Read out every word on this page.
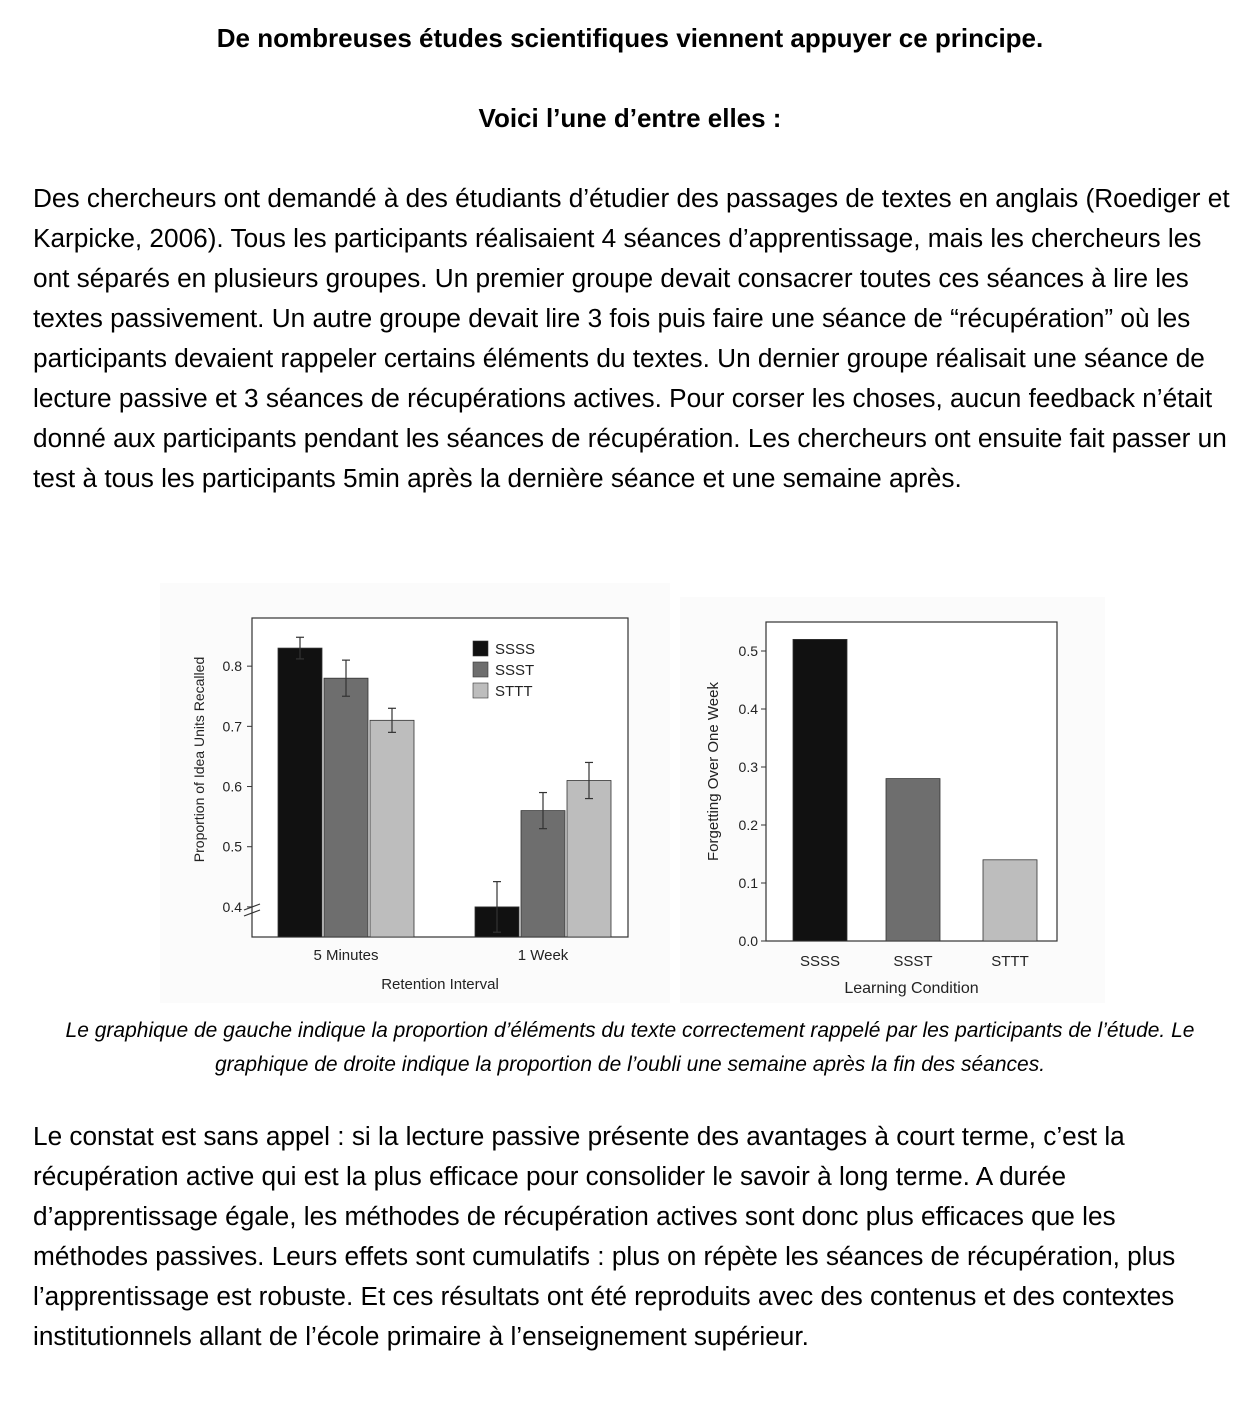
De nombreuses études scientifiques viennent appuyer ce principe.
Voici l’une d’entre elles :
Des chercheurs ont demandé à des étudiants d’étudier des passages de textes en anglais (Roediger et Karpicke, 2006). Tous les participants réalisaient 4 séances d’apprentissage, mais les chercheurs les ont séparés en plusieurs groupes. Un premier groupe devait consacrer toutes ces séances à lire les textes passivement. Un autre groupe devait lire 3 fois puis faire une séance de “récupération” où les participants devaient rappeler certains éléments du textes. Un dernier groupe réalisait une séance de lecture passive et 3 séances de récupérations actives. Pour corser les choses, aucun feedback n’était donné aux participants pendant les séances de récupération. Les chercheurs ont ensuite fait passer un test à tous les participants 5min après la dernière séance et une semaine après.
0.4
0.5
0.6
0.7
0.8
5 Minutes	1 Week
Retention Interval
Proportion of Idea Units Recalled
SSSS
SSST
STTT
0.0
0.1
0.2
0.3
0.4
0.5
SSSS	SSST	STTT
Learning Condition
Forgetting Over One Week
Le graphique de gauche indique la proportion d’éléments du texte correctement rappelé par les participants de l’étude. Le graphique de droite indique la proportion de l’oubli une semaine après la fin des séances.
Le constat est sans appel : si la lecture passive présente des avantages à court terme, c’est la récupération active qui est la plus efficace pour consolider le savoir à long terme. A durée d’apprentissage égale, les méthodes de récupération actives sont donc plus efficaces que les méthodes passives. Leurs effets sont cumulatifs : plus on répète les séances de récupération, plus l’apprentissage est robuste. Et ces résultats ont été reproduits avec des contenus et des contextes institutionnels allant de l’école primaire à l’enseignement supérieur.
